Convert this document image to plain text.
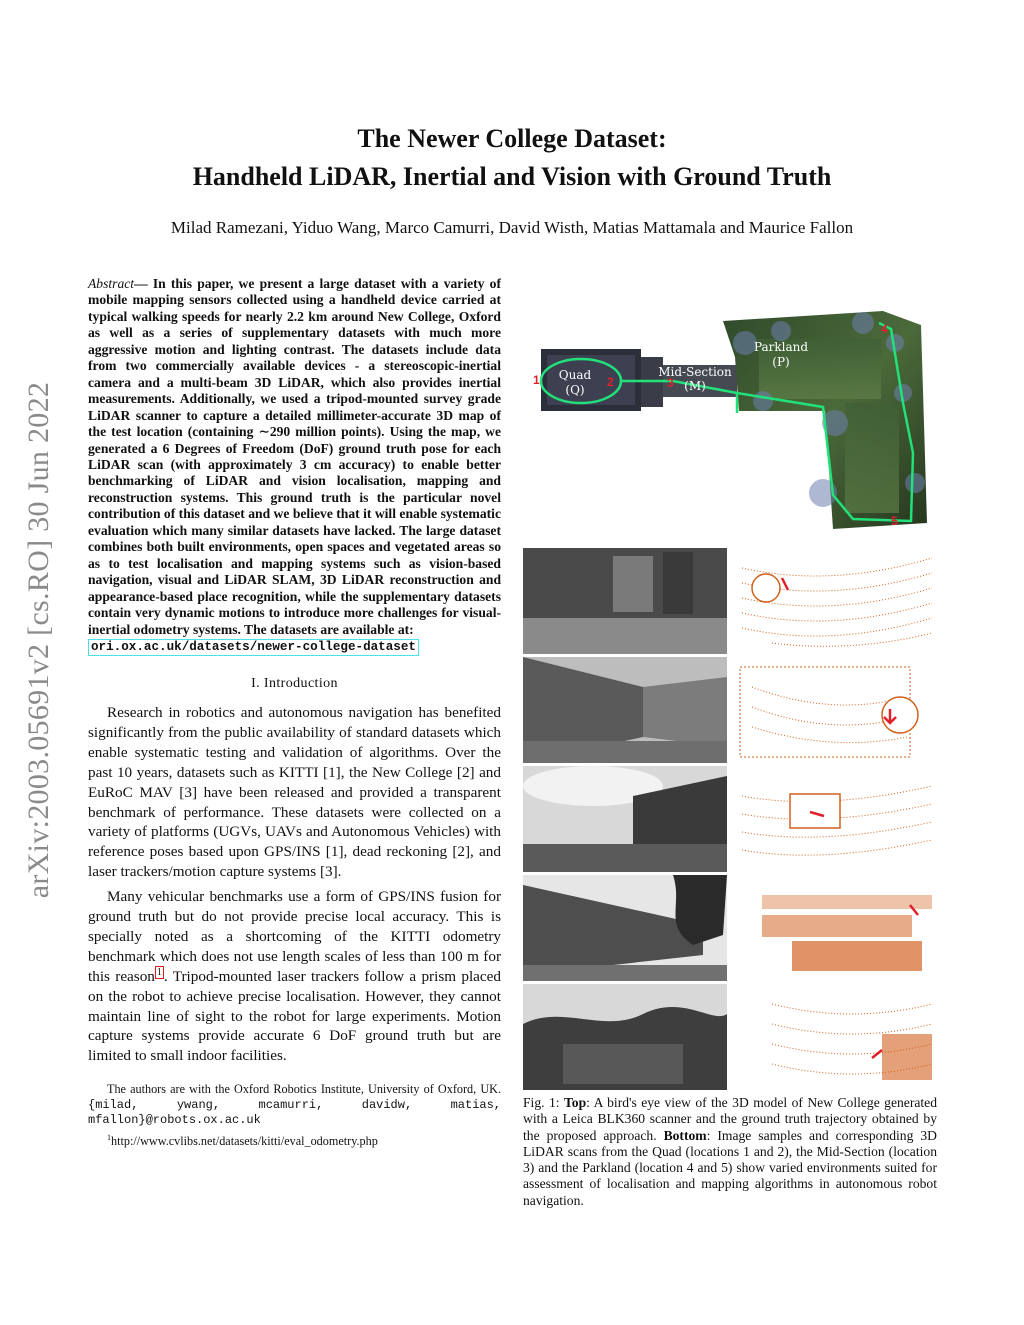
arXiv:2003.05691v2 [cs.RO] 30 Jun 2022
The Newer College Dataset:
Handheld LiDAR, Inertial and Vision with Ground Truth
Milad Ramezani, Yiduo Wang, Marco Camurri, David Wisth, Matias Mattamala and Maurice Fallon
Abstract— In this paper, we present a large dataset with a variety of mobile mapping sensors collected using a handheld device carried at typical walking speeds for nearly 2.2 km around New College, Oxford as well as a series of supplementary datasets with much more aggressive motion and lighting contrast. The datasets include data from two commercially available devices - a stereoscopic-inertial camera and a multi-beam 3D LiDAR, which also provides inertial measurements. Additionally, we used a tripod-mounted survey grade LiDAR scanner to capture a detailed millimeter-accurate 3D map of the test location (containing ∼290 million points). Using the map, we generated a 6 Degrees of Freedom (DoF) ground truth pose for each LiDAR scan (with approximately 3 cm accuracy) to enable better benchmarking of LiDAR and vision localisation, mapping and reconstruction systems. This ground truth is the particular novel contribution of this dataset and we believe that it will enable systematic evaluation which many similar datasets have lacked. The large dataset combines both built environments, open spaces and vegetated areas so as to test localisation and mapping systems such as vision-based navigation, visual and LiDAR SLAM, 3D LiDAR reconstruction and appearance-based place recognition, while the supplementary datasets contain very dynamic motions to introduce more challenges for visual-inertial odometry systems. The datasets are available at:
ori.ox.ac.uk/datasets/newer-college-dataset
I. Introduction

Research in robotics and autonomous navigation has benefited significantly from the public availability of standard datasets which enable systematic testing and validation of algorithms. Over the past 10 years, datasets such as KITTI [1], the New College [2] and EuRoC MAV [3] have been released and provided a transparent benchmark of performance. These datasets were collected on a variety of platforms (UGVs, UAVs and Autonomous Vehicles) with reference poses based upon GPS/INS [1], dead reckoning [2], and laser trackers/motion capture systems [3].

Many vehicular benchmarks use a form of GPS/INS fusion for ground truth but do not provide precise local accuracy. This is specially noted as a shortcoming of the KITTI odometry benchmark which does not use length scales of less than 100 m for this reason $^1$ . Tripod-mounted laser trackers follow a prism placed on the robot to achieve precise localisation. However, they cannot maintain line of sight to the robot for large experiments. Motion capture systems provide accurate 6 DoF ground truth but are limited to small indoor facilities.

The authors are with the Oxford Robotics Institute, University of Oxford, UK. {milad, ywang, mcamurri, davidw, matias, mfallon}@robots.ox.ac.uk

$^1$http://www.cvlibs.net/datasets/kitti/eval_odometry.php

1	2	3
4
5
Quad
(Q)
Mid-Section
(M)
Parkland
(P)
Fig. 1: Top: A bird's eye view of the 3D model of New College generated with a Leica BLK360 scanner and the ground truth trajectory obtained by the proposed approach. Bottom: Image samples and corresponding 3D LiDAR scans from the Quad (locations 1 and 2), the Mid-Section (location 3) and the Parkland (location 4 and 5) show varied environments suited for assessment of localisation and mapping algorithms in autonomous robot navigation.
